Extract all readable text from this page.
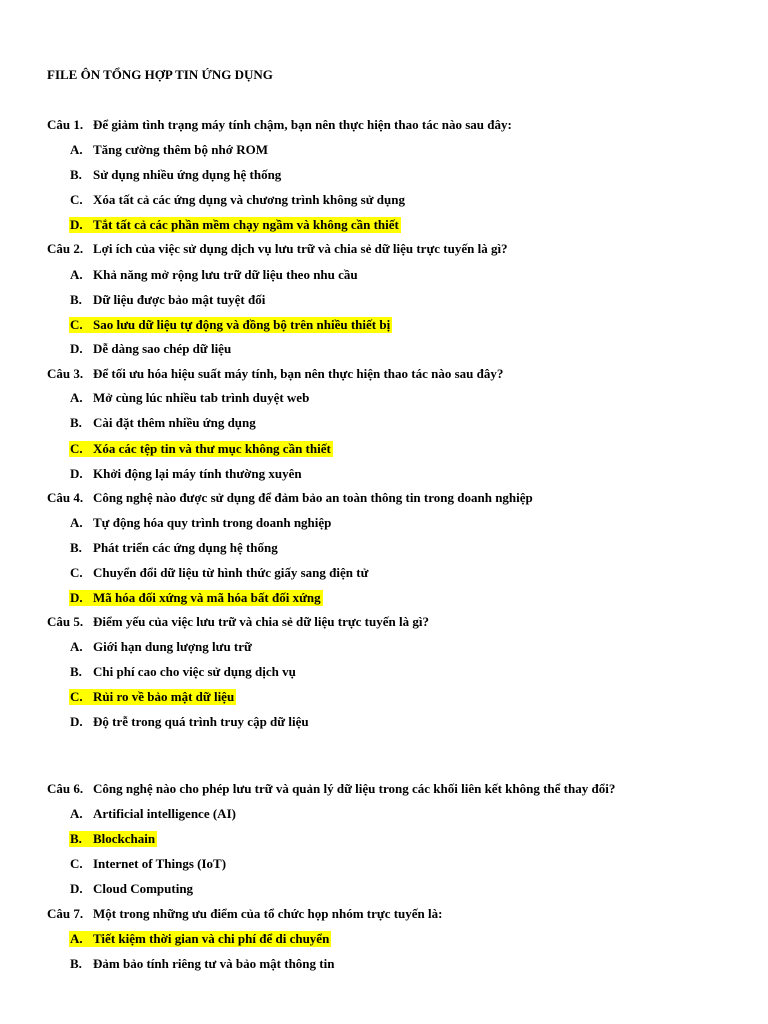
FILE ÔN TỔNG HỢP TIN ỨNG DỤNG
Câu 1. Để giảm tình trạng máy tính chậm, bạn nên thực hiện thao tác nào sau đây:
A. Tăng cường thêm bộ nhớ ROM
B. Sử dụng nhiều ứng dụng hệ thống
C. Xóa tất cả các ứng dụng và chương trình không sử dụng
D. Tắt tất cả các phần mềm chạy ngầm và không cần thiết
Câu 2. Lợi ích của việc sử dụng dịch vụ lưu trữ và chia sẻ dữ liệu trực tuyến là gì?
A. Khả năng mở rộng lưu trữ dữ liệu theo nhu cầu
B. Dữ liệu được bảo mật tuyệt đối
C. Sao lưu dữ liệu tự động và đồng bộ trên nhiều thiết bị
D. Dễ dàng sao chép dữ liệu
Câu 3. Để tối ưu hóa hiệu suất máy tính, bạn nên thực hiện thao tác nào sau đây?
A. Mở cùng lúc nhiều tab trình duyệt web
B. Cài đặt thêm nhiều ứng dụng
C. Xóa các tệp tin và thư mục không cần thiết
D. Khởi động lại máy tính thường xuyên
Câu 4. Công nghệ nào được sử dụng để đảm bảo an toàn thông tin trong doanh nghiệp
A. Tự động hóa quy trình trong doanh nghiệp
B. Phát triển các ứng dụng hệ thống
C. Chuyển đổi dữ liệu từ hình thức giấy sang điện tử
D. Mã hóa đối xứng và mã hóa bất đối xứng
Câu 5. Điểm yếu của việc lưu trữ và chia sẻ dữ liệu trực tuyến là gì?
A. Giới hạn dung lượng lưu trữ
B. Chi phí cao cho việc sử dụng dịch vụ
C. Rủi ro về bảo mật dữ liệu
D. Độ trễ trong quá trình truy cập dữ liệu
Câu 6. Công nghệ nào cho phép lưu trữ và quản lý dữ liệu trong các khối liên kết không thể thay đổi?
A. Artificial intelligence (AI)
B. Blockchain
C. Internet of Things (IoT)
D. Cloud Computing
Câu 7. Một trong những ưu điểm của tổ chức họp nhóm trực tuyến là:
A. Tiết kiệm thời gian và chi phí để di chuyển
B. Đảm bảo tính riêng tư và bảo mật thông tin
